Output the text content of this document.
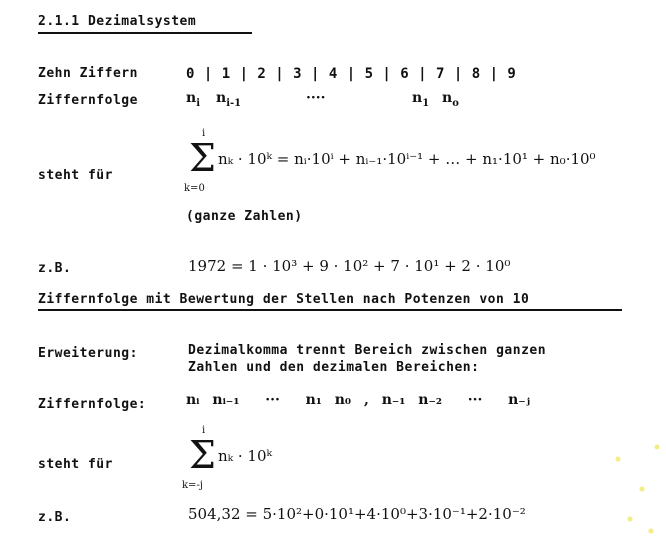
2.1.1 Dezimalsystem
Zehn Ziffern	0 | 1 | 2 | 3 | 4 | 5 | 6 | 7 | 8 | 9
Ziffernfolge	$n_i$ $n_{i-1}$	····	$n_1$ $n_o$
steht für
i
Σ
k=0
nₖ · 10ᵏ = nᵢ·10ⁱ + nᵢ₋₁·10ⁱ⁻¹ + … + n₁·10¹ + n₀·10⁰
(ganze Zahlen)
z.B.	1972 = 1 · 10³ + 9 · 10² + 7 · 10¹ + 2 · 10⁰
Ziffernfolge mit Bewertung der Stellen nach Potenzen von 10
Erweiterung:	Dezimalkomma trennt Bereich zwischen ganzen
Zahlen und den dezimalen Bereichen:
Ziffernfolge:	nᵢ nᵢ₋₁  ···  n₁ n₀ , n₋₁ n₋₂  ···  n₋ⱼ
steht für
i
Σ
k=-j
nₖ · 10ᵏ
z.B.	504,32 = 5·10²+0·10¹+4·10⁰+3·10⁻¹+2·10⁻²
